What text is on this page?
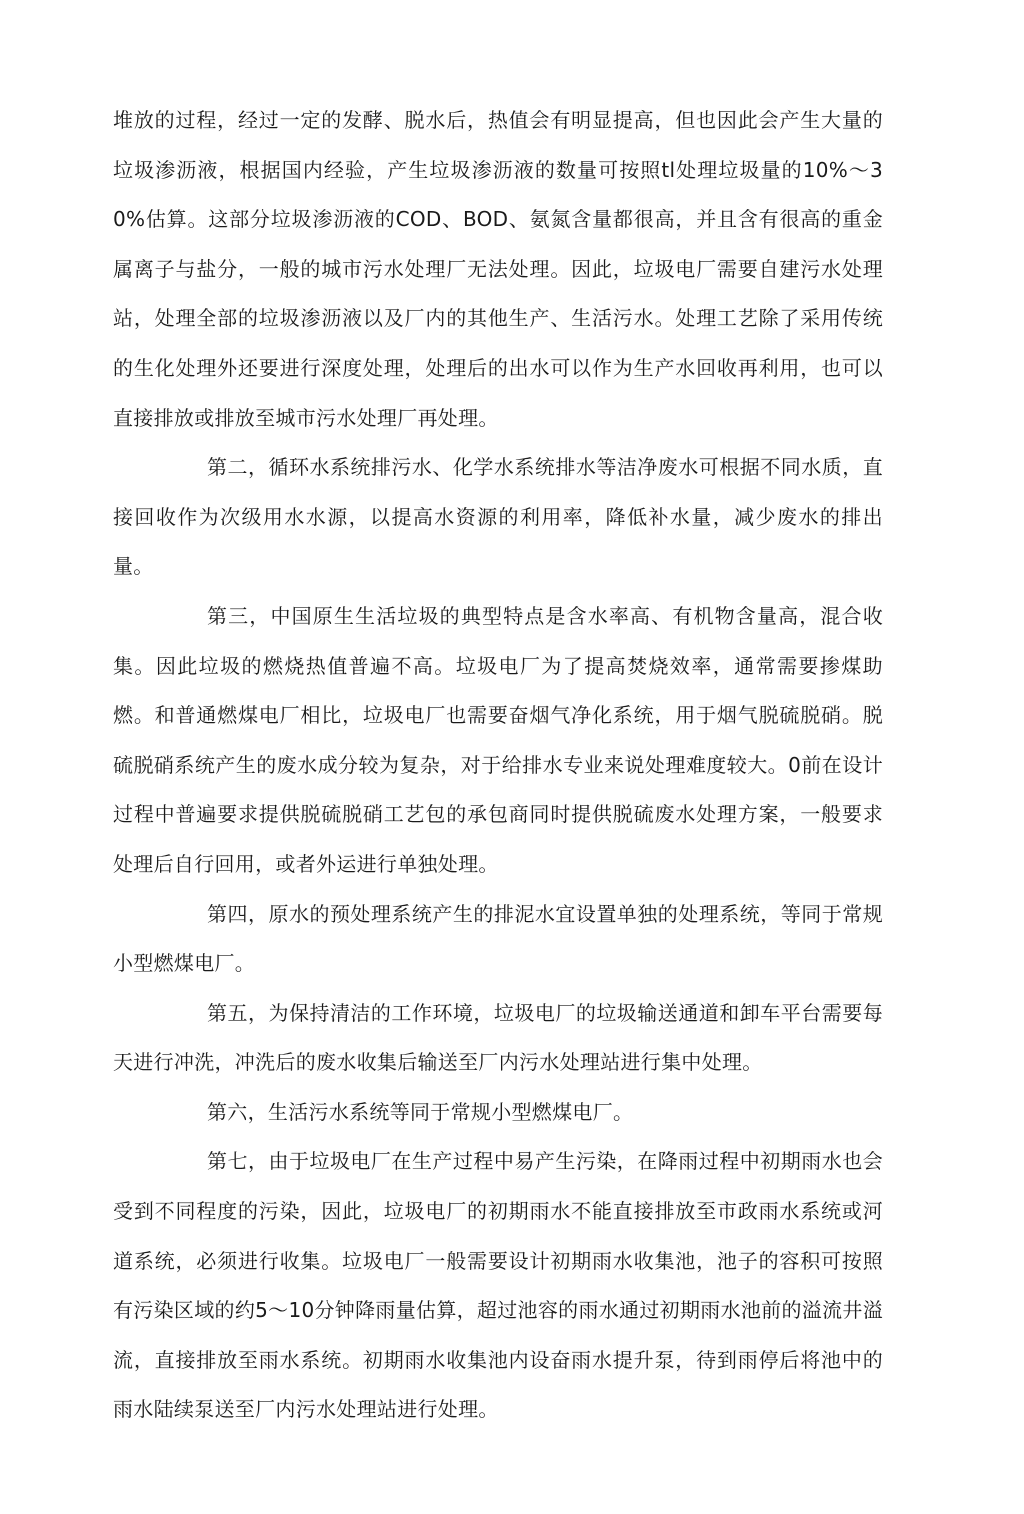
堆放的过程，经过一定的发酵、脱水后，热值会有明显提高，但也因此会产生大量的垃圾渗沥液，根据国内经验，产生垃圾渗沥液的数量可按照tl处理垃圾量的10%～30%估算。这部分垃圾渗沥液的COD、BOD、氨氮含量都很高，并且含有很高的重金属离子与盐分，一般的城市污水处理厂无法处理。因此，垃圾电厂需要自建污水处理站，处理全部的垃圾渗沥液以及厂内的其他生产、生活污水。处理工艺除了采用传统的生化处理外还要进行深度处理，处理后的出水可以作为生产水回收再利用，也可以直接排放或排放至城市污水处理厂再处理。

第二，循环水系统排污水、化学水系统排水等洁净废水可根据不同水质，直接回收作为次级用水水源，以提高水资源的利用率，降低补水量，减少废水的排出量。

第三，中国原生生活垃圾的典型特点是含水率高、有机物含量高，混合收集。因此垃圾的燃烧热值普遍不高。垃圾电厂为了提高焚烧效率，通常需要掺煤助燃。和普通燃煤电厂相比，垃圾电厂也需要奋烟气净化系统，用于烟气脱硫脱硝。脱硫脱硝系统产生的废水成分较为复杂，对于给排水专业来说处理难度较大。0前在设计过程中普遍要求提供脱硫脱硝工艺包的承包商同时提供脱硫废水处理方案，一般要求处理后自行回用，或者外运进行单独处理。

第四，原水的预处理系统产生的排泥水宜设置单独的处理系统，等同于常规小型燃煤电厂。

第五，为保持清洁的工作环境，垃圾电厂的垃圾输送通道和卸车平台需要每天进行冲洗，冲洗后的废水收集后输送至厂内污水处理站进行集中处理。

第六，生活污水系统等同于常规小型燃煤电厂。

第七，由于垃圾电厂在生产过程中易产生污染，在降雨过程中初期雨水也会受到不同程度的污染，因此，垃圾电厂的初期雨水不能直接排放至市政雨水系统或河道系统，必须进行收集。垃圾电厂一般需要设计初期雨水收集池，池子的容积可按照有污染区域的约5～10分钟降雨量估算，超过池容的雨水通过初期雨水池前的溢流井溢流，直接排放至雨水系统。初期雨水收集池内设奋雨水提升泵，待到雨停后将池中的雨水陆续泵送至厂内污水处理站进行处理。
